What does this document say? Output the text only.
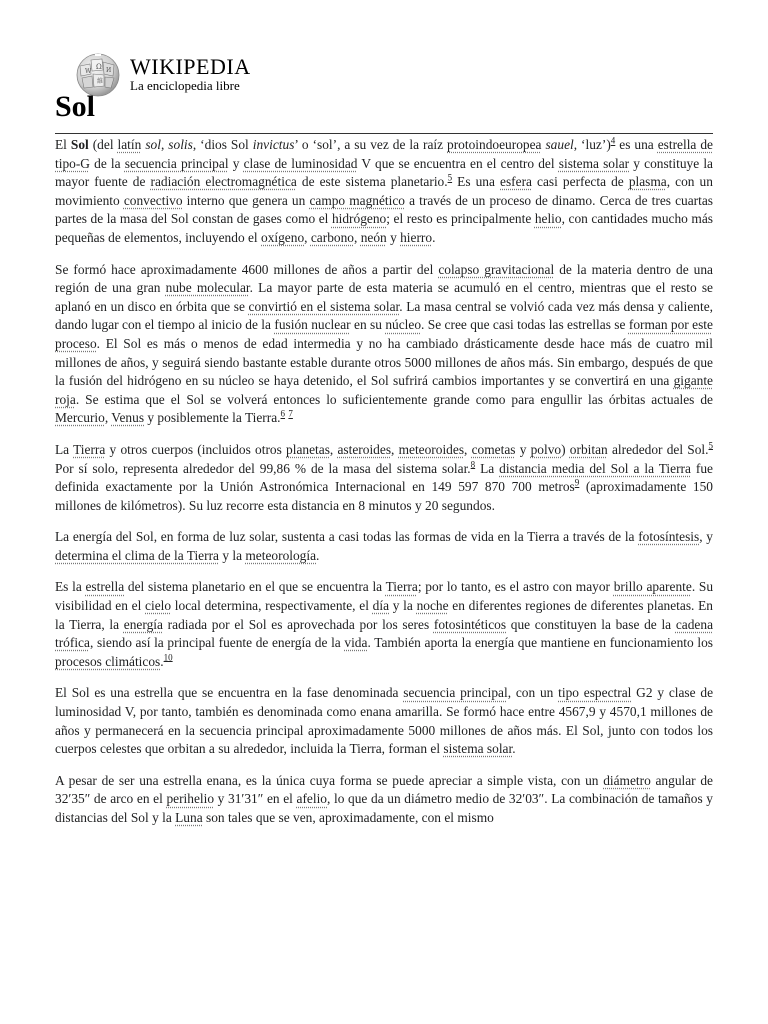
Ω
W И
維
WIKIPEDIA
La enciclopedia libre
Sol

El Sol (del latín sol, solis, ‘dios Sol invictus’ o ‘sol’, a su vez de la raíz protoindoeuropea sauel, ‘luz’)$^4$ es una estrella de tipo-G de la secuencia principal y clase de luminosidad V que se encuentra en el centro del sistema solar y constituye la mayor fuente de radiación electromagnética de este sistema planetario.$^5$ Es una esfera casi perfecta de plasma, con un movimiento convectivo interno que genera un campo magnético a través de un proceso de dinamo. Cerca de tres cuartas partes de la masa del Sol constan de gases como el hidrógeno; el resto es principalmente helio, con cantidades mucho más pequeñas de elementos, incluyendo el oxígeno, carbono, neón y hierro.

Se formó hace aproximadamente 4600 millones de años a partir del colapso gravitacional de la materia dentro de una región de una gran nube molecular. La mayor parte de esta materia se acumuló en el centro, mientras que el resto se aplanó en un disco en órbita que se convirtió en el sistema solar. La masa central se volvió cada vez más densa y caliente, dando lugar con el tiempo al inicio de la fusión nuclear en su núcleo. Se cree que casi todas las estrellas se forman por este proceso. El Sol es más o menos de edad intermedia y no ha cambiado drásticamente desde hace más de cuatro mil millones de años, y seguirá siendo bastante estable durante otros 5000 millones de años más. Sin embargo, después de que la fusión del hidrógeno en su núcleo se haya detenido, el Sol sufrirá cambios importantes y se convertirá en una gigante roja. Se estima que el Sol se volverá entonces lo suficientemente grande como para engullir las órbitas actuales de Mercurio, Venus y posiblemente la Tierra.$^6$ $^7$

La Tierra y otros cuerpos (incluidos otros planetas, asteroides, meteoroides, cometas y polvo) orbitan alrededor del Sol.$^5$ Por sí solo, representa alrededor del 99,86 % de la masa del sistema solar.$^8$ La distancia media del Sol a la Tierra fue definida exactamente por la Unión Astronómica Internacional en 149 597 870 700 metros$^9$ (aproximadamente 150 millones de kilómetros). Su luz recorre esta distancia en 8 minutos y 20 segundos.

La energía del Sol, en forma de luz solar, sustenta a casi todas las formas de vida en la Tierra a través de la fotosíntesis, y determina el clima de la Tierra y la meteorología.

Es la estrella del sistema planetario en el que se encuentra la Tierra; por lo tanto, es el astro con mayor brillo aparente. Su visibilidad en el cielo local determina, respectivamente, el día y la noche en diferentes regiones de diferentes planetas. En la Tierra, la energía radiada por el Sol es aprovechada por los seres fotosintéticos que constituyen la base de la cadena trófica, siendo así la principal fuente de energía de la vida. También aporta la energía que mantiene en funcionamiento los procesos climáticos.$^{10}$

El Sol es una estrella que se encuentra en la fase denominada secuencia principal, con un tipo espectral G2 y clase de luminosidad V, por tanto, también es denominada como enana amarilla. Se formó hace entre 4567,9 y 4570,1 millones de años y permanecerá en la secuencia principal aproximadamente 5000 millones de años más. El Sol, junto con todos los cuerpos celestes que orbitan a su alrededor, incluida la Tierra, forman el sistema solar.

A pesar de ser una estrella enana, es la única cuya forma se puede apreciar a simple vista, con un diámetro angular de 32′35″ de arco en el perihelio y 31′31″ en el afelio, lo que da un diámetro medio de 32′03″. La combinación de tamaños y distancias del Sol y la Luna son tales que se ven, aproximadamente, con el mismo
